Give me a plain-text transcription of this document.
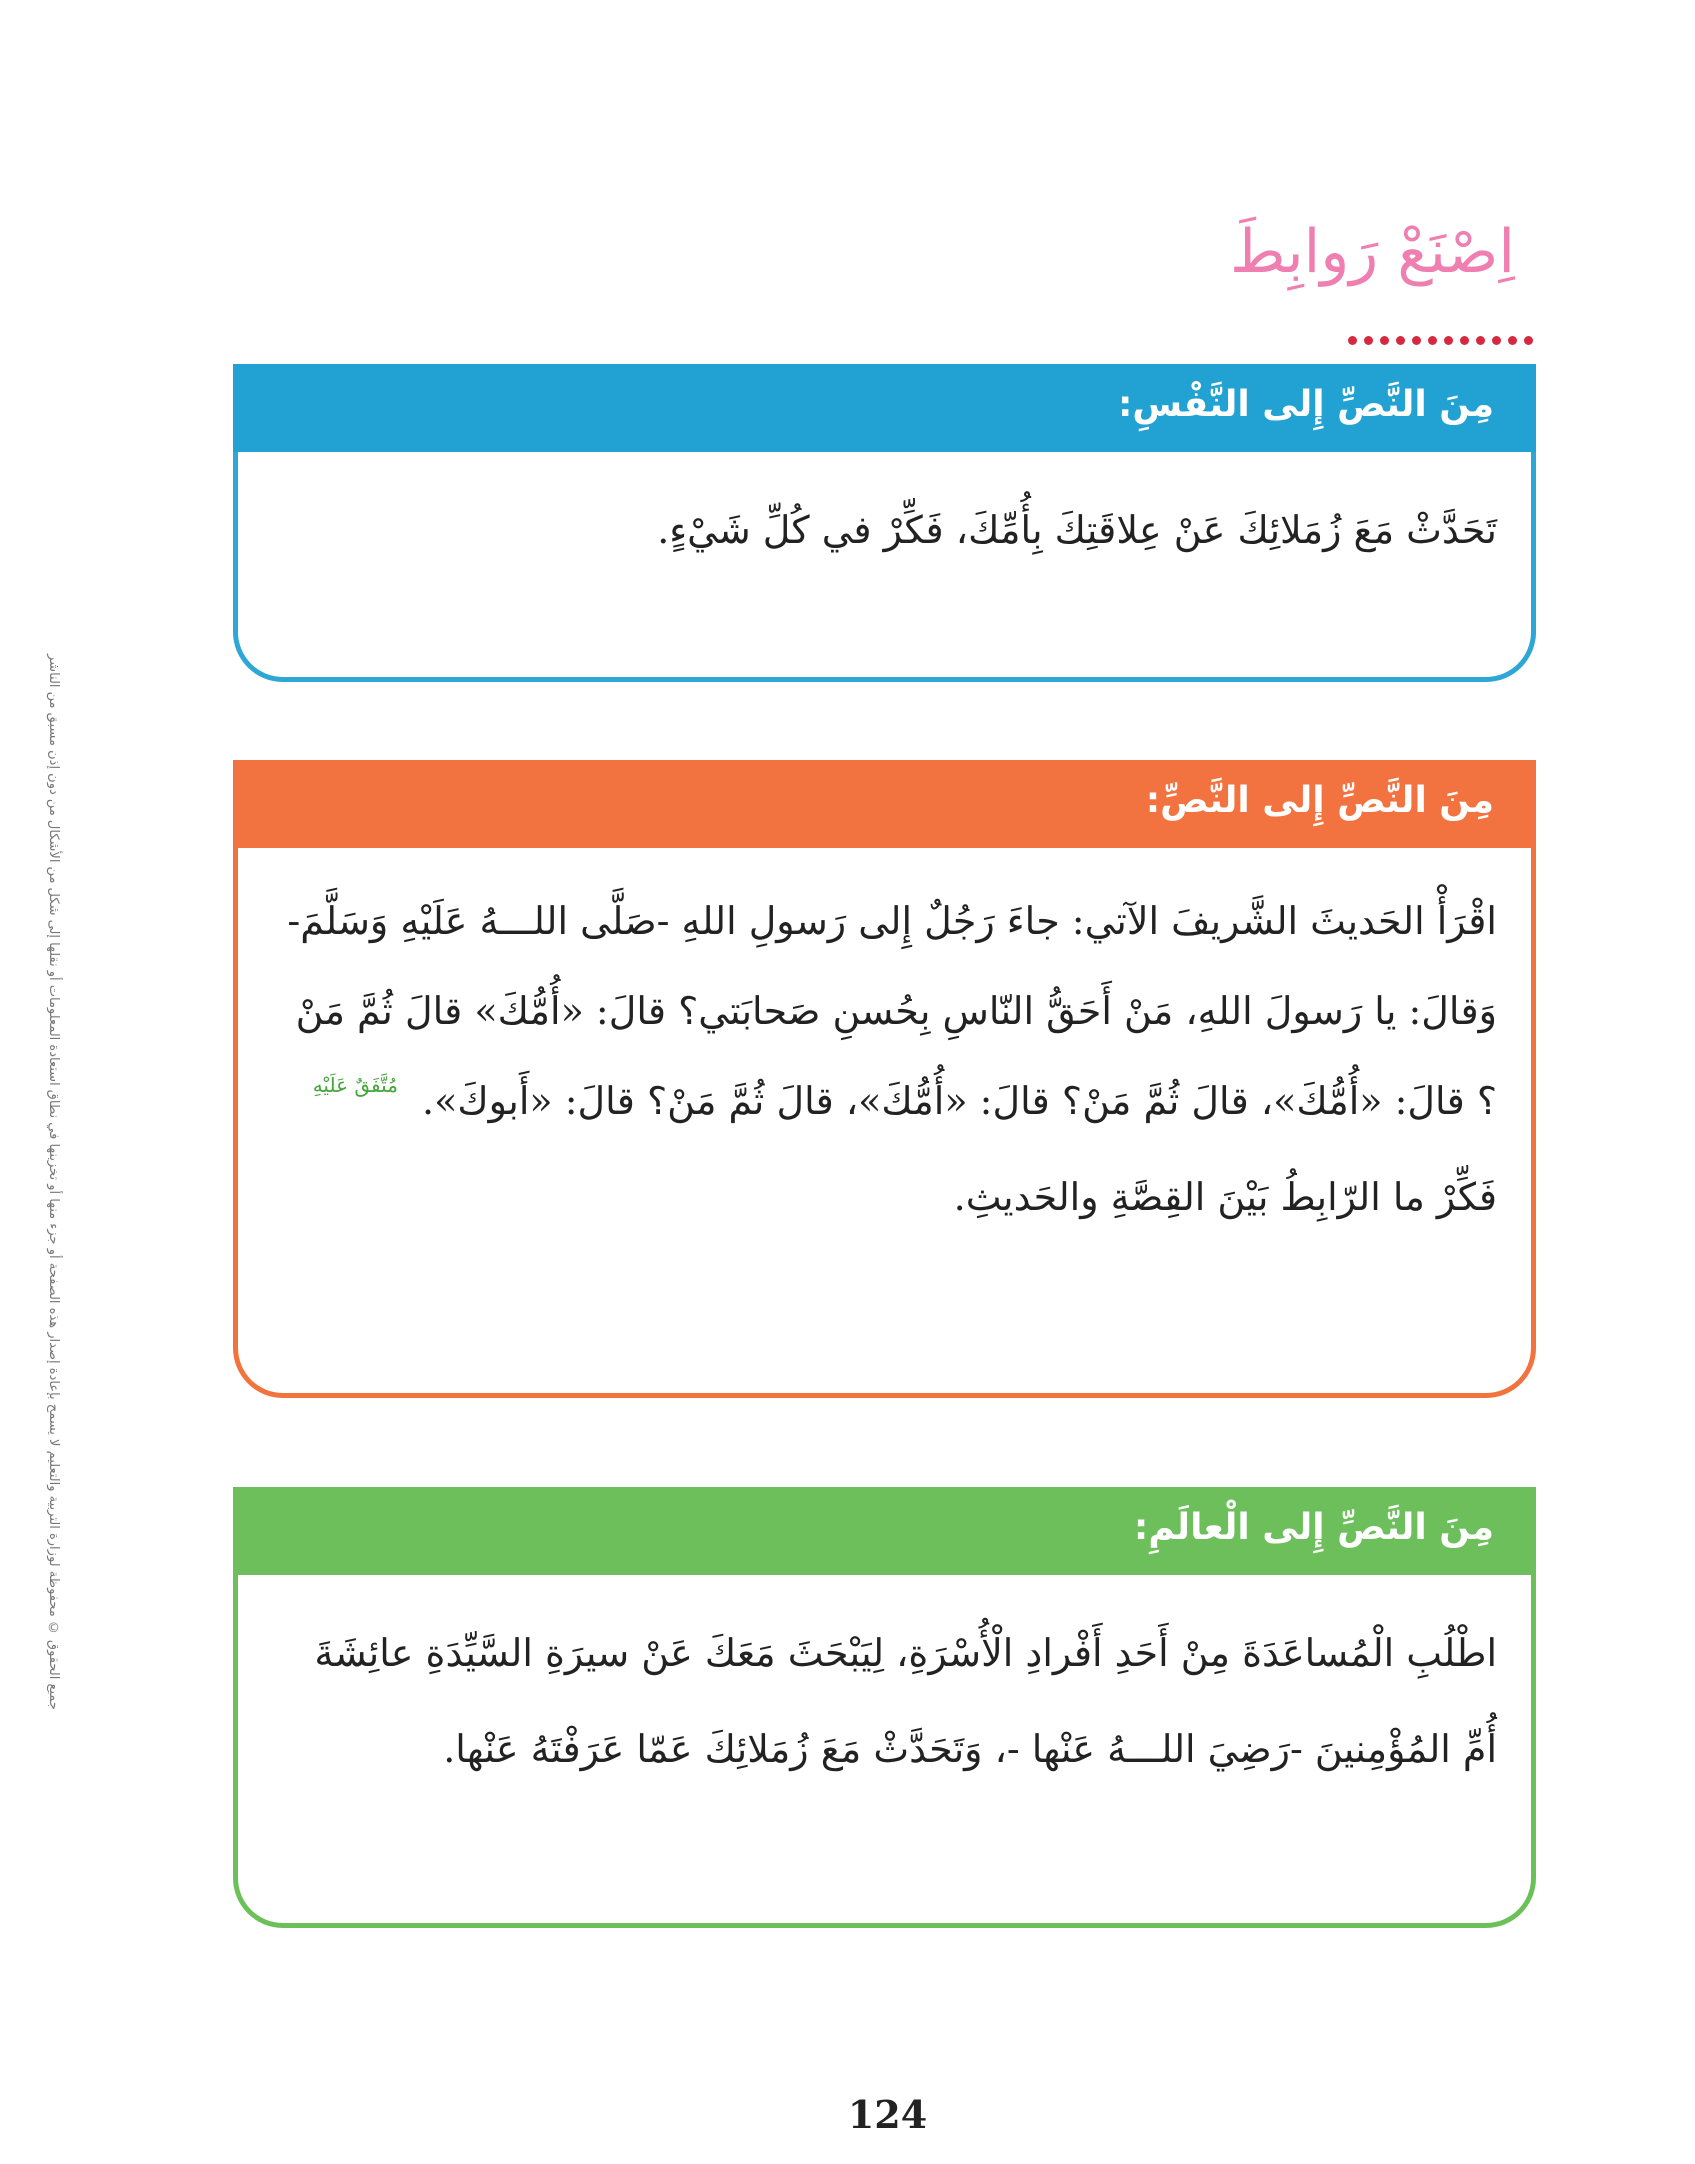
جميع الحقوق © محفوظة لوزارة التربية والتعليم لا يسمح بإعادة إصدار هذه الصفحة أو جزء منها أو تخزينها في نطاق استعادة المعلومات أو نقلها إلى شكل من الأشكال من دون إذن مسبق من الناشر
اِصْنَعْ رَوابِطَ
مِنَ النَّصِّ إِلى النَّفْسِ:

تَحَدَّثْ مَعَ زُمَلائِكَ عَنْ عِلاقَتِكَ بِأُمِّكَ، فَكِّرْ في كُلِّ شَيْءٍ.

مِنَ النَّصِّ إِلى النَّصِّ:

اقْرَأْ الحَديثَ الشَّريفَ الآتي: جاءَ رَجُلٌ إِلى رَسولِ اللهِ -صَلَّى اللـــهُ عَلَيْهِ وَسَلَّمَ- وَقالَ: يا رَسولَ اللهِ، مَنْ أَحَقُّ النّاسِ بِحُسنِ صَحابَتي؟ قالَ: «أُمُّكَ» قالَ ثُمَّ مَنْ ؟ قالَ: «أُمُّكَ»، قالَ ثُمَّ مَنْ؟ قالَ: «أُمُّكَ»، قالَ ثُمَّ مَنْ؟ قالَ: «أَبوكَ». $^{مُتَّفَقٌ عَلَيْهِ}$

فَكِّرْ ما الرّابِطُ بَيْنَ القِصَّةِ والحَديثِ.

مِنَ النَّصِّ إِلى الْعالَمِ:

اطْلُبِ الْمُساعَدَةَ مِنْ أَحَدِ أَفْرادِ الْأُسْرَةِ، لِيَبْحَثَ مَعَكَ عَنْ سيرَةِ السَّيِّدَةِ عائِشَةَ أُمِّ المُؤْمِنينَ -رَضِيَ اللـــهُ عَنْها -، وَتَحَدَّثْ مَعَ زُمَلائِكَ عَمّا عَرَفْتَهُ عَنْها.

124
